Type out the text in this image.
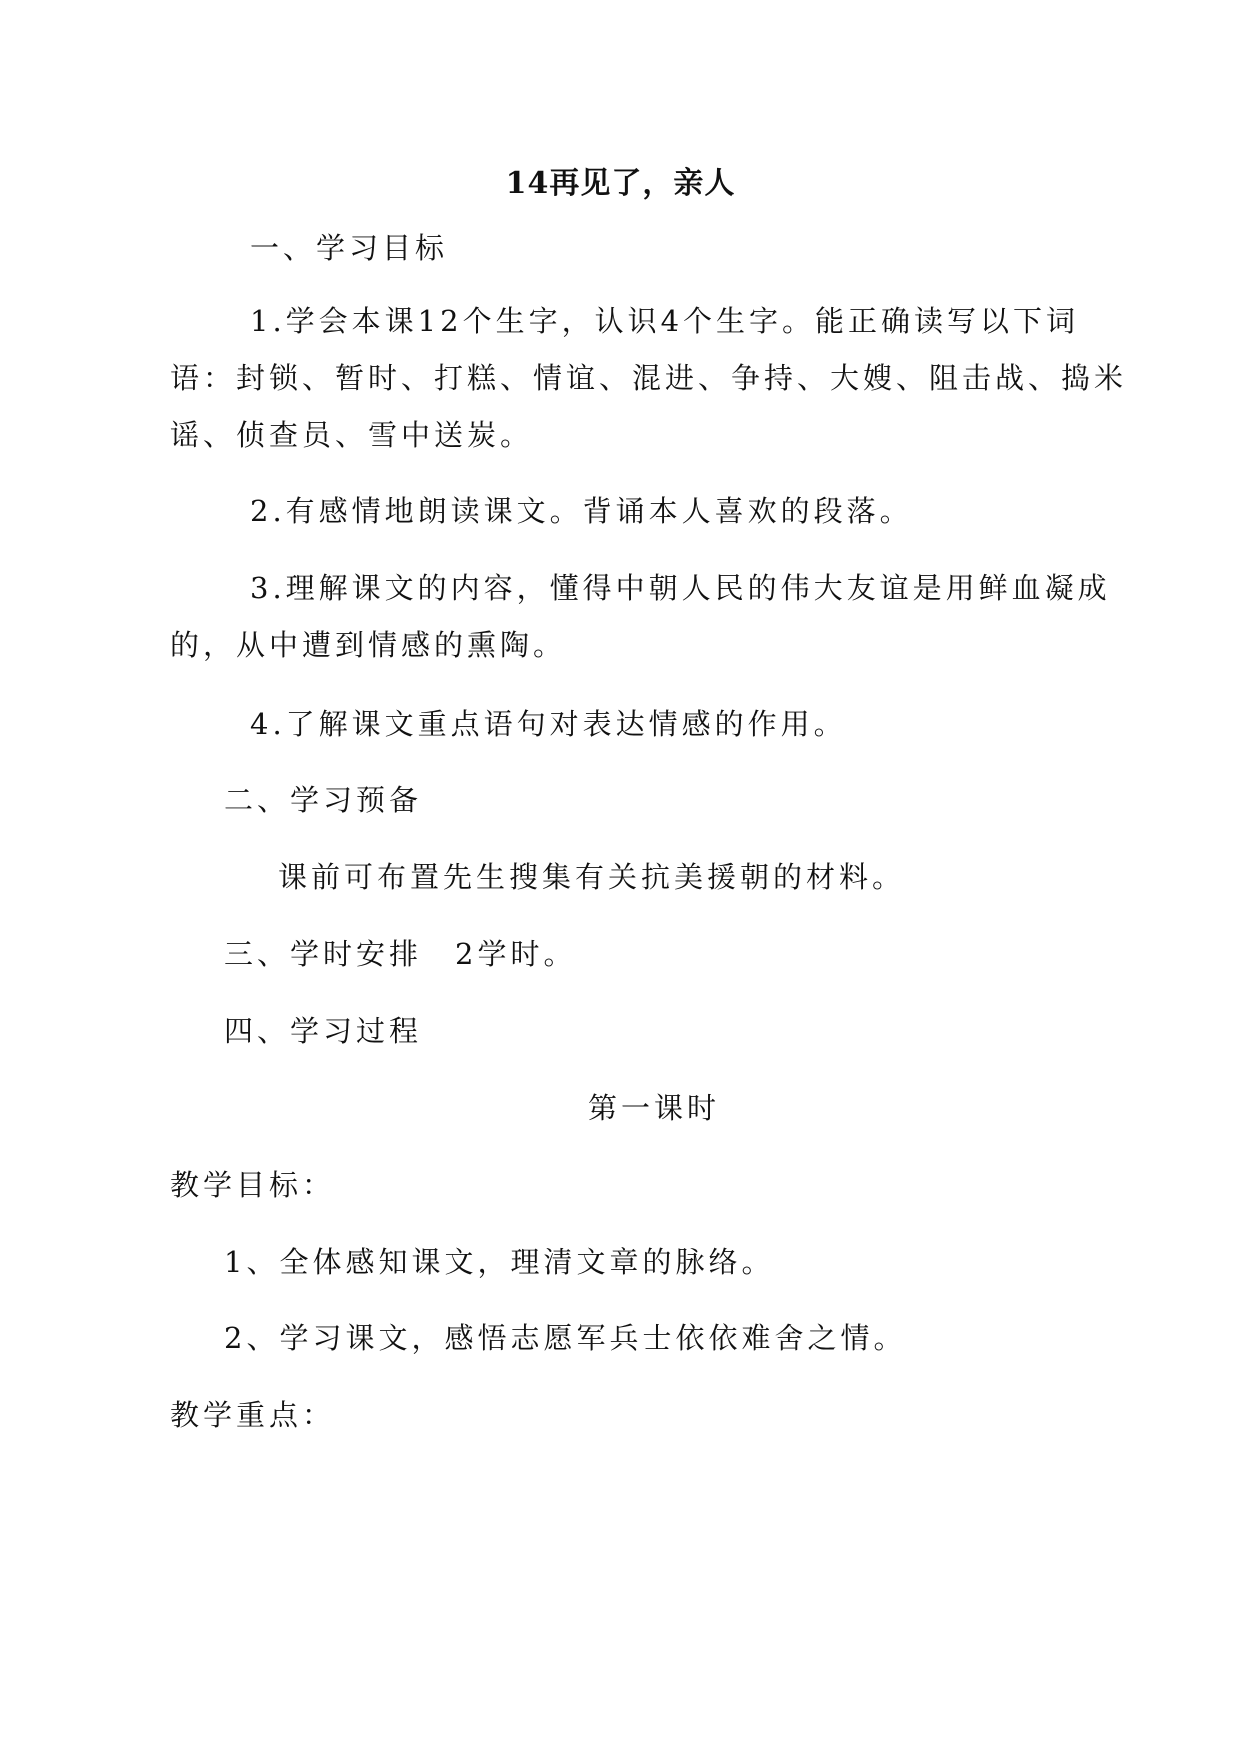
14再见了，亲人
一、学习目标
1.学会本课12个生字，认识4个生字。能正确读写以下词
语：封锁、暂时、打糕、情谊、混进、争持、大嫂、阻击战、捣米
谣、侦查员、雪中送炭。
2.有感情地朗读课文。背诵本人喜欢的段落。
3.理解课文的内容，懂得中朝人民的伟大友谊是用鲜血凝成
的，从中遭到情感的熏陶。
4.了解课文重点语句对表达情感的作用。
二、学习预备
课前可布置先生搜集有关抗美援朝的材料。
三、学时安排　2学时。
四、学习过程
第一课时
教学目标：
1、全体感知课文，理清文章的脉络。
2、学习课文，感悟志愿军兵士依依难舍之情。
教学重点：
